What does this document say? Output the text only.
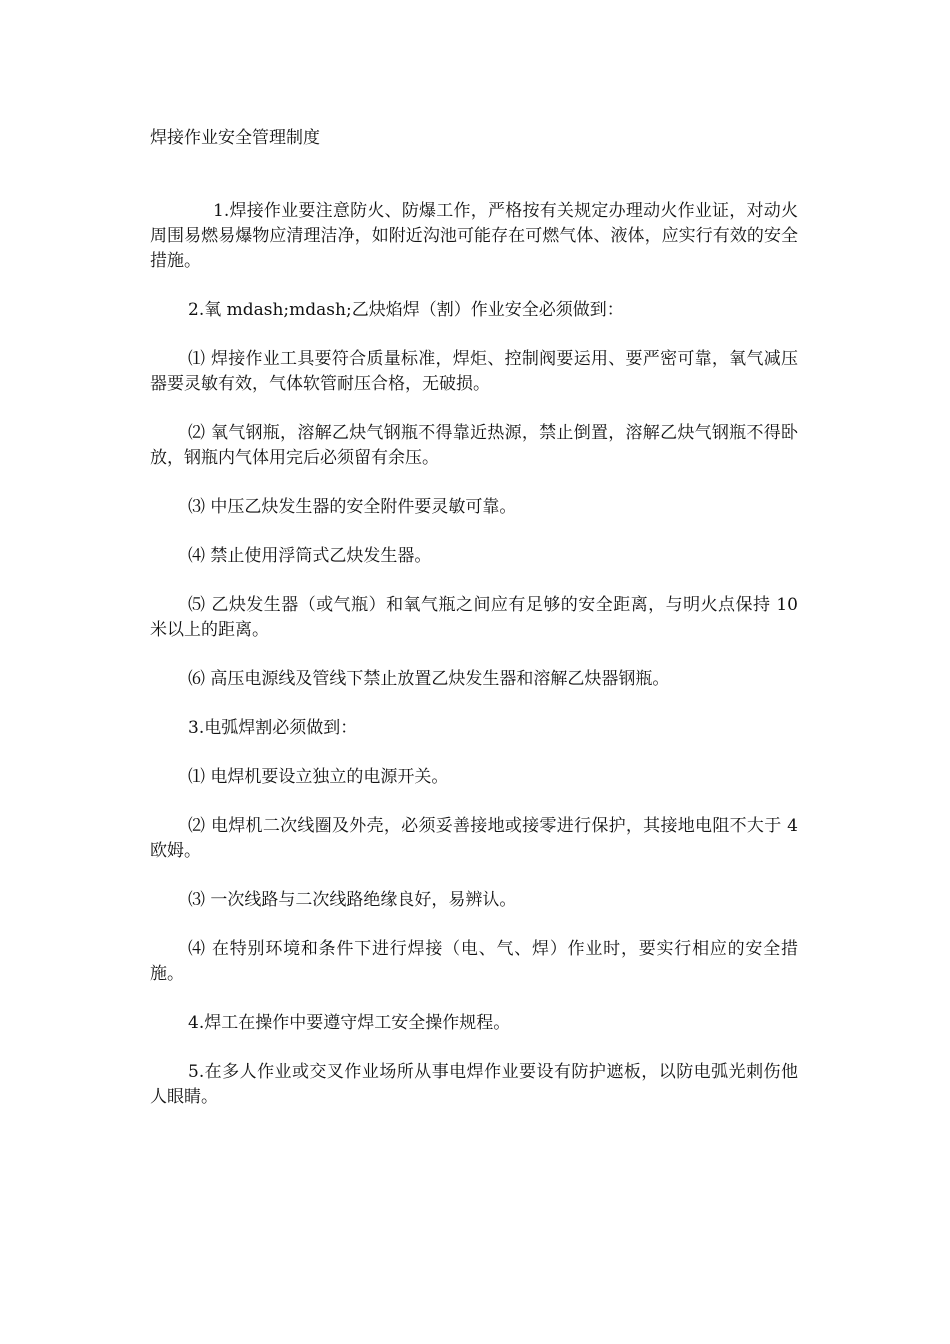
焊接作业安全管理制度

1.焊接作业要注意防火、防爆工作，严格按有关规定办理动火作业证，对动火周围易燃易爆物应清理洁净，如附近沟池可能存在可燃气体、液体，应实行有效的安全措施。

2.氧 mdash;mdash;乙炔焰焊（割）作业安全必须做到：

⑴ 焊接作业工具要符合质量标准，焊炬、控制阀要运用、要严密可靠，氧气减压器要灵敏有效，气体软管耐压合格，无破损。

⑵ 氧气钢瓶，溶解乙炔气钢瓶不得靠近热源，禁止倒置，溶解乙炔气钢瓶不得卧放，钢瓶内气体用完后必须留有余压。

⑶ 中压乙炔发生器的安全附件要灵敏可靠。

⑷ 禁止使用浮筒式乙炔发生器。

⑸ 乙炔发生器（或气瓶）和氧气瓶之间应有足够的安全距离，与明火点保持 10 米以上的距离。

⑹ 高压电源线及管线下禁止放置乙炔发生器和溶解乙炔器钢瓶。

3.电弧焊割必须做到：

⑴ 电焊机要设立独立的电源开关。

⑵ 电焊机二次线圈及外壳，必须妥善接地或接零进行保护，其接地电阻不大于 4 欧姆。

⑶ 一次线路与二次线路绝缘良好，易辨认。

⑷ 在特别环境和条件下进行焊接（电、气、焊）作业时，要实行相应的安全措施。

4.焊工在操作中要遵守焊工安全操作规程。

5.在多人作业或交叉作业场所从事电焊作业要设有防护遮板，以防电弧光刺伤他人眼睛。
